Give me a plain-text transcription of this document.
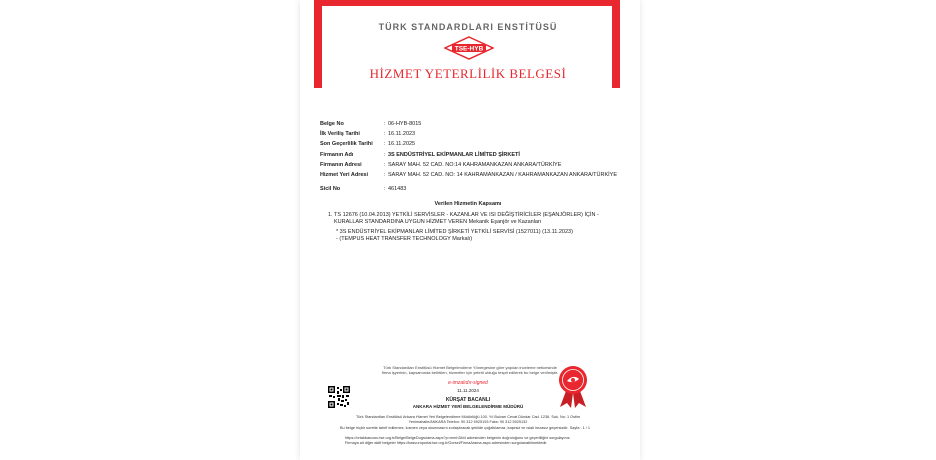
TÜRK STANDARDLARI ENSTİTÜSÜ
TSE-HYB
HİZMET YETERLİLİK BELGESİ
Belge No	: 06-HYB-8015
İlk Veriliş Tarihi	: 16.11.2023
Son Geçerlilik Tarihi	: 16.11.2025
Firmanın Adı	: 3S ENDÜSTRİYEL EKİPMANLAR LİMİTED ŞİRKETİ
Firmanın Adresi	: SARAY MAH. 52 CAD. NO:14 KAHRAMANKAZAN ANKARA/TÜRKİYE
Hizmet Yeri Adresi	: SARAY MAH. 52 CAD. NO: 14 KAHRAMANKAZAN / KAHRAMANKAZAN ANKARA/TÜRKİYE
Sicil No	: 461483
Verilen Hizmetin Kapsamı
1. TS 12676 (10.04.2013) YETKİLİ SERVİSLER - KAZANLAR VE ISI DEĞİŞTİRİCİLER (EŞANJÖRLER) İÇİN -
KURALLAR STANDARDINA UYGUN HİZMET VEREN Mekanik Eşanjör ve Kazanları
* 3S ENDÜSTRİYEL EKİPMANLAR LİMİTED ŞİRKETİ YETKİLİ SERVİSİ (1527011) (13.11.2023)
- (TEMPUS HEAT TRANSFER TECHNOLOGY Markalı)
Türk Standardları Enstitüsü Hizmet Belgelendirme Yönergesine göre yapılan inceleme neticesinde firma işyerinin, kapsamında belirtilen, hizmetler için yeterli olduğu tespit edilerek bu belge verilmiştir.
e-imzalıdır-signed
11.11.2024
KÜRŞAT BACANLI
ANKARA HİZMET YERİ BELGELENDİRME MÜDÜRÜ
Türk Standardları Enstitüsü Ankara Hizmet Yeri Belgelendirme Müdürlüğü 100. Yıl Bulvarı Cevat Dündar Cad. 1236. Sok. No: 1 Ostim Yenimahalle/ANKARA Telefon: 90 312 5925193 Faks: 90 312 5925132
Bu belge hiçbir surette tahrif edilemez, kısmen veya okunmasını zorlaştıracak şekilde çoğaltılamaz, kaşesiz ve ıslak imzasız geçersizdir. Sayfa : 1 / 1
https://ortakbasvuru.tse.org.tr/Belge/BelgeDogrulama.aspx?p=mmh34t4 adresinden belgenin doğruluğunu ve geçerliliğini sorgulayınız.
Firmaya ait diğer aktif belgeler https://basvuruportal.tse.org.tr/Gorsel/FirmaArama.aspx adresinden sorgulanabilmektedir.
